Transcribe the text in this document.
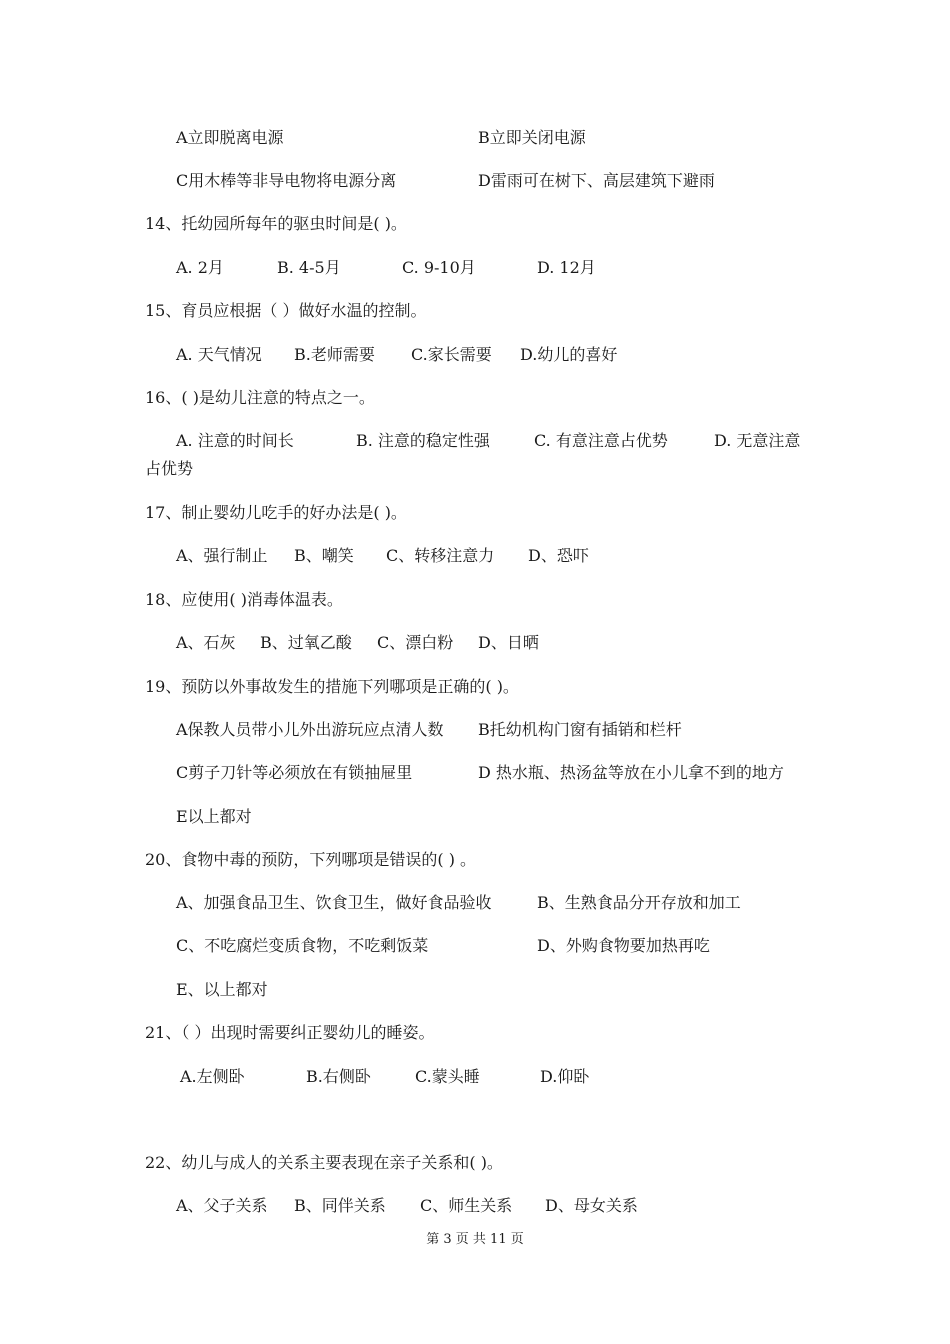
A立即脱离电源	B立即关闭电源
C用木棒等非导电物将电源分离	D雷雨可在树下、高层建筑下避雨
14、托幼园所每年的驱虫时间是( )。
A. 2月	B. 4-5月	C. 9-10月	D. 12月
15、育员应根据（ ）做好水温的控制。
A. 天气情况 B.老师需要 C.家长需要 D.幼儿的喜好
16、( )是幼儿注意的特点之一。
A. 注意的时间长	B. 注意的稳定性强	C. 有意注意占优势	D. 无意注意
占优势
17、制止婴幼儿吃手的好办法是( )。
A、强行制止 B、嘲笑 C、转移注意力 D、恐吓
18、应使用( )消毒体温表。
A、石灰 B、过氧乙酸 C、漂白粉 D、日晒
19、预防以外事故发生的措施下列哪项是正确的( )。
A保教人员带小儿外出游玩应点清人数 B托幼机构门窗有插销和栏杆
C剪子刀针等必须放在有锁抽屉里	D 热水瓶、热汤盆等放在小儿拿不到的地方
E以上都对
20、食物中毒的预防，下列哪项是错误的( ) 。
A、加强食品卫生、饮食卫生，做好食品验收	B、生熟食品分开存放和加工
C、不吃腐烂变质食物，不吃剩饭菜	D、外购食物要加热再吃
E、以上都对
21、（ ）出现时需要纠正婴幼儿的睡姿。
A.左侧卧	B.右侧卧	C.蒙头睡	D.仰卧
22、幼儿与成人的关系主要表现在亲子关系和( )。
A、父子关系 B、同伴关系 C、师生关系 D、母女关系
第 3 页 共 11 页
